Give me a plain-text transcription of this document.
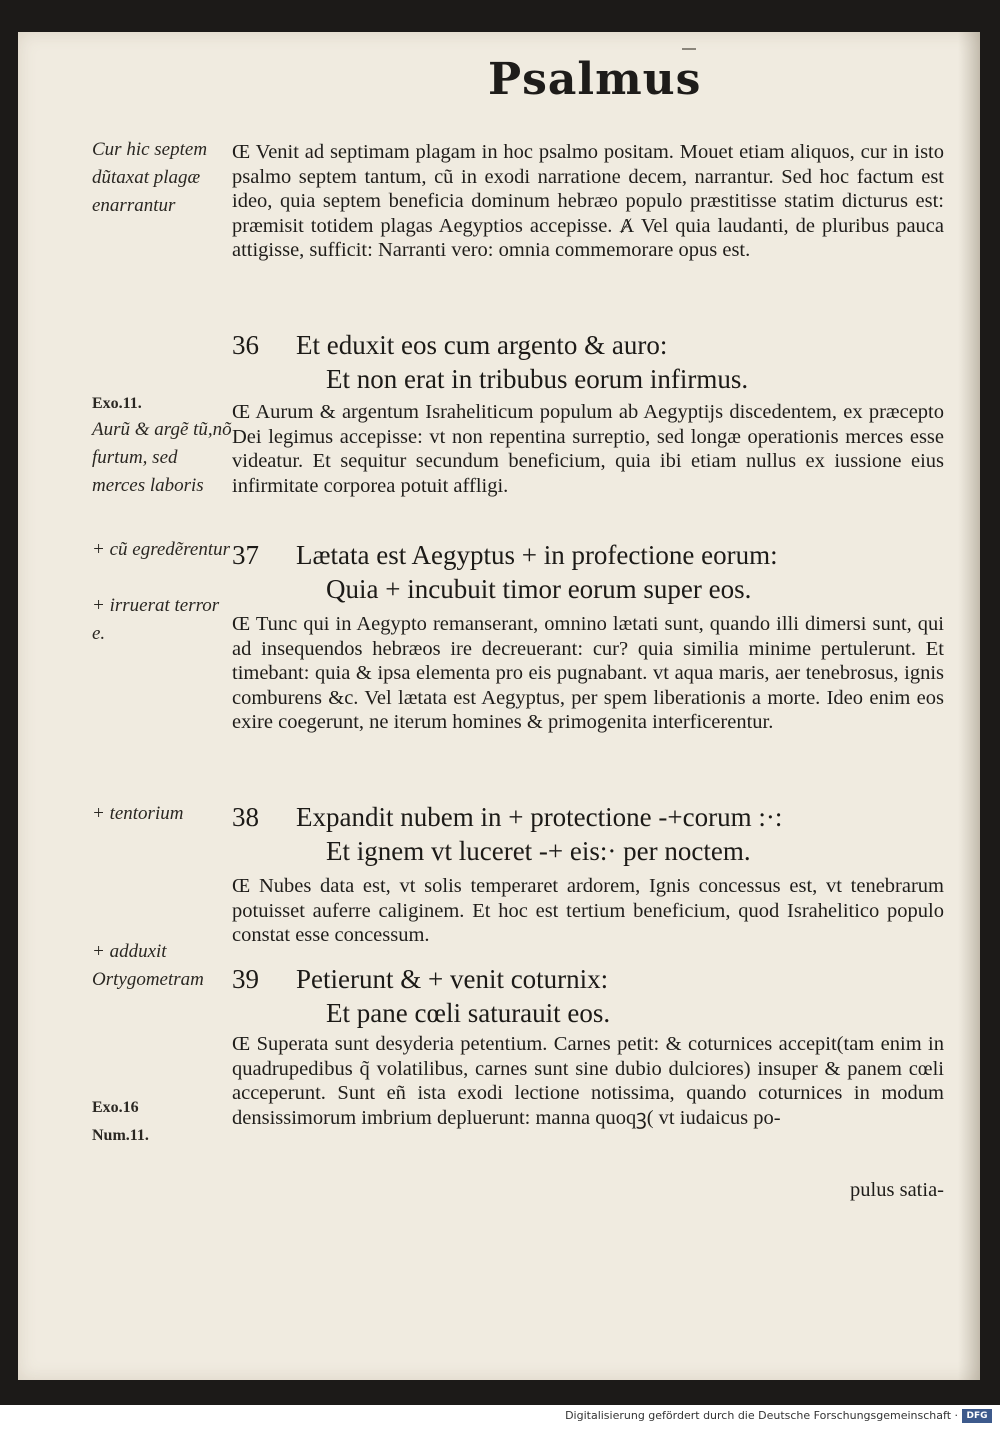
Psalmus
Cur hic septem dũtaxat plagæ enarrantur
Exo.11.
Aurũ & argẽ tũ,nõ furtum, sed merces laboris
+ cũ egredẽrentur
+ irruerat terror e.
+ tentorium
+ adduxit Ortygometram
Exo.16
Num.11.
Œ Venit ad septimam plagam in hoc psalmo positam. Mouet etiam aliquos, cur in isto psalmo septem tantum, cũ in exodi narratione decem, narrantur. Sed hoc factum est ideo, quia septem beneficia dominum hebræo populo præstitisse statim dicturus est: præmisit totidem plagas Aegyptios accepisse. Ⱥ Vel quia laudanti, de pluribus pauca attigisse, sufficit: Narranti vero: omnia commemorare opus est.
36 Et eduxit eos cum argento & auro:
Et non erat in tribubus eorum infirmus.
Œ Aurum & argentum Israheliticum populum ab Aegyptijs discedentem, ex præcepto Dei legimus accepisse: vt non repentina surreptio, sed longæ operationis merces esse videatur. Et sequitur secundum beneficium, quia ibi etiam nullus ex iussione eius infirmitate corporea potuit affligi.
37 Lætata est Aegyptus + in profectione eorum:
Quia + incubuit timor eorum super eos.
Œ Tunc qui in Aegypto remanserant, omnino lætati sunt, quando illi dimersi sunt, qui ad insequendos hebræos ire decreuerant: cur? quia similia minime pertulerunt. Et timebant: quia & ipsa elementa pro eis pugnabant. vt aqua maris, aer tenebrosus, ignis comburens &c. Vel lætata est Aegyptus, per spem liberationis a morte. Ideo enim eos exire coegerunt, ne iterum homines & primogenita interficerentur.
38 Expandit nubem in + protectione -+corum :·:
Et ignem vt luceret -+ eis:· per noctem.
Œ Nubes data est, vt solis temperaret ardorem, Ignis concessus est, vt tenebrarum potuisset auferre caliginem. Et hoc est tertium beneficium, quod Israhelitico populo constat esse concessum.
39 Petierunt & + venit coturnix:
Et pane cœli saturauit eos.
Œ Superata sunt desyderia petentium. Carnes petit: & coturnices accepit(tam enim in quadrupedibus q̃ volatilibus, carnes sunt sine dubio dulciores) insuper & panem cœli acceperunt. Sunt eñ ista exodi lectione notissima, quando coturnices in modum densissimorum imbrium depluerunt: manna quoqꝫ( vt iudaicus po-
pulus satia-
Digitalisierung gefördert durch die Deutsche Forschungsgemeinschaft · DFG
